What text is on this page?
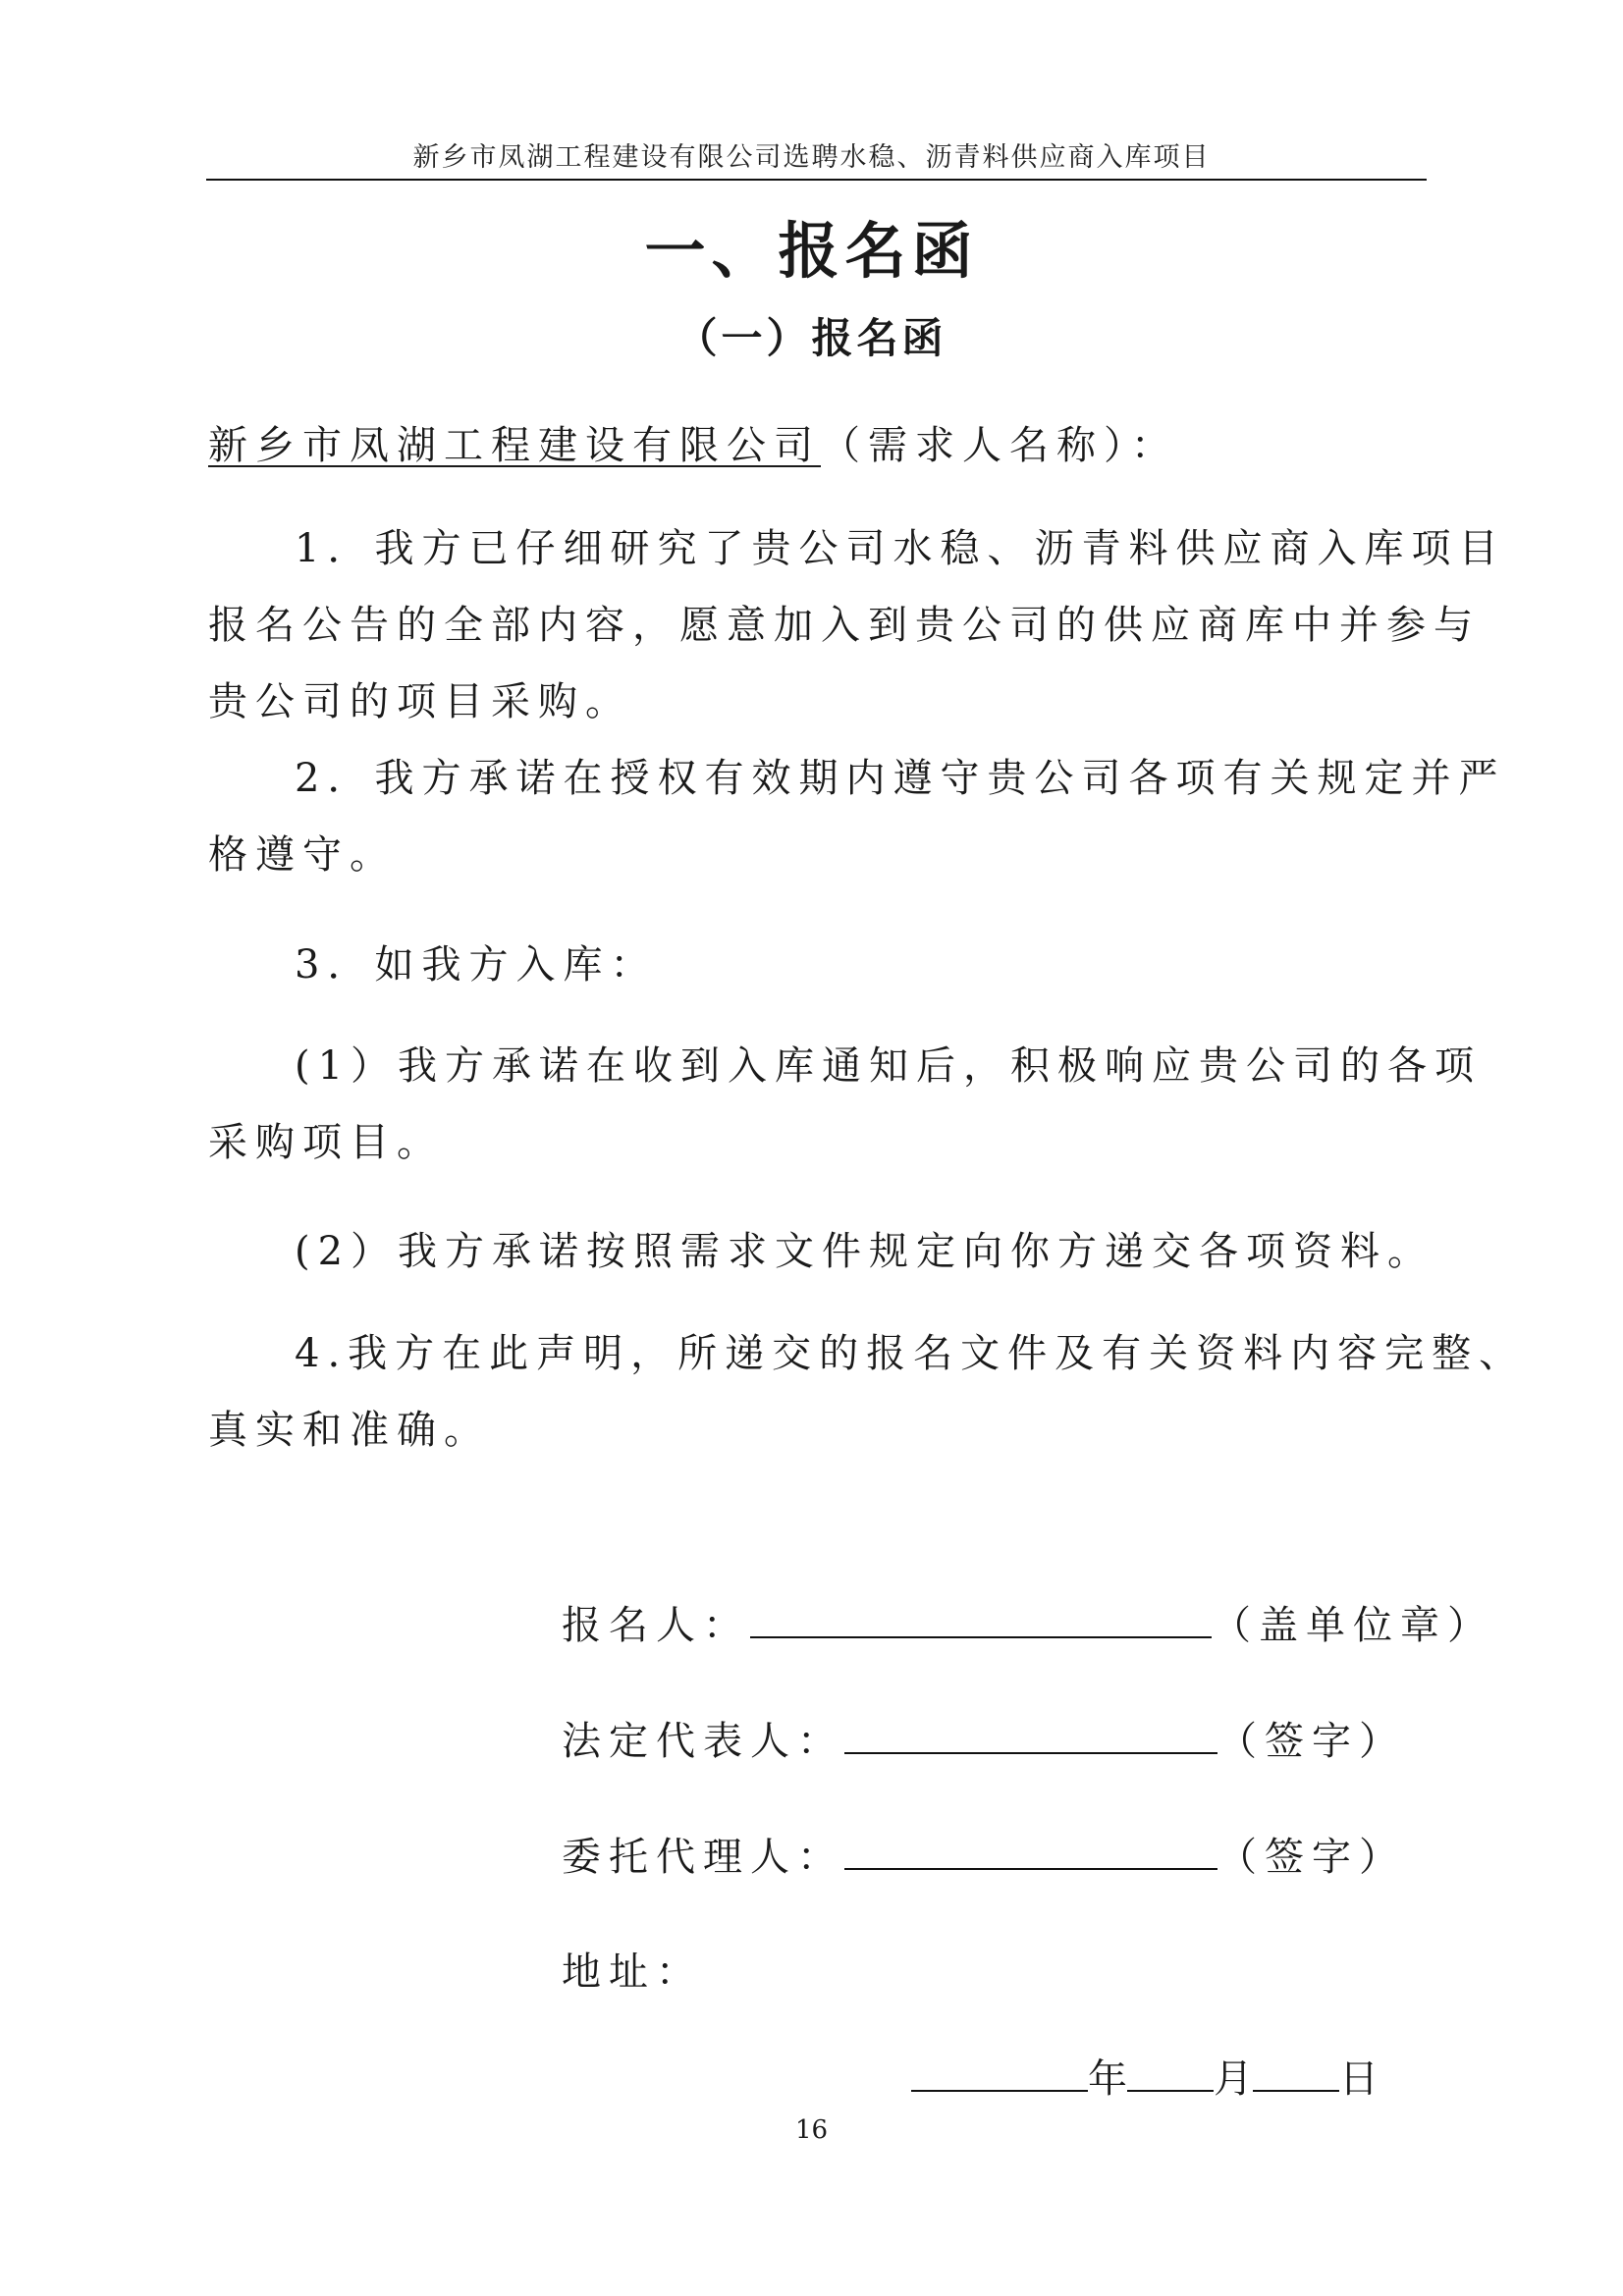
新乡市凤湖工程建设有限公司选聘水稳、沥青料供应商入库项目
一、报名函
（一）报名函
新乡市凤湖工程建设有限公司（需求人名称）：
1．我方已仔细研究了贵公司水稳、沥青料供应商入库项目
报名公告的全部内容，愿意加入到贵公司的供应商库中并参与
贵公司的项目采购。
2．我方承诺在授权有效期内遵守贵公司各项有关规定并严
格遵守。
3．如我方入库：
(1）我方承诺在收到入库通知后，积极响应贵公司的各项
采购项目。
(2）我方承诺按照需求文件规定向你方递交各项资料。
4.我方在此声明，所递交的报名文件及有关资料内容完整、
真实和准确。
报名人：	（盖单位章）
法定代表人：	（签字）
委托代理人：	（签字）
地址：
年 月 日
16
